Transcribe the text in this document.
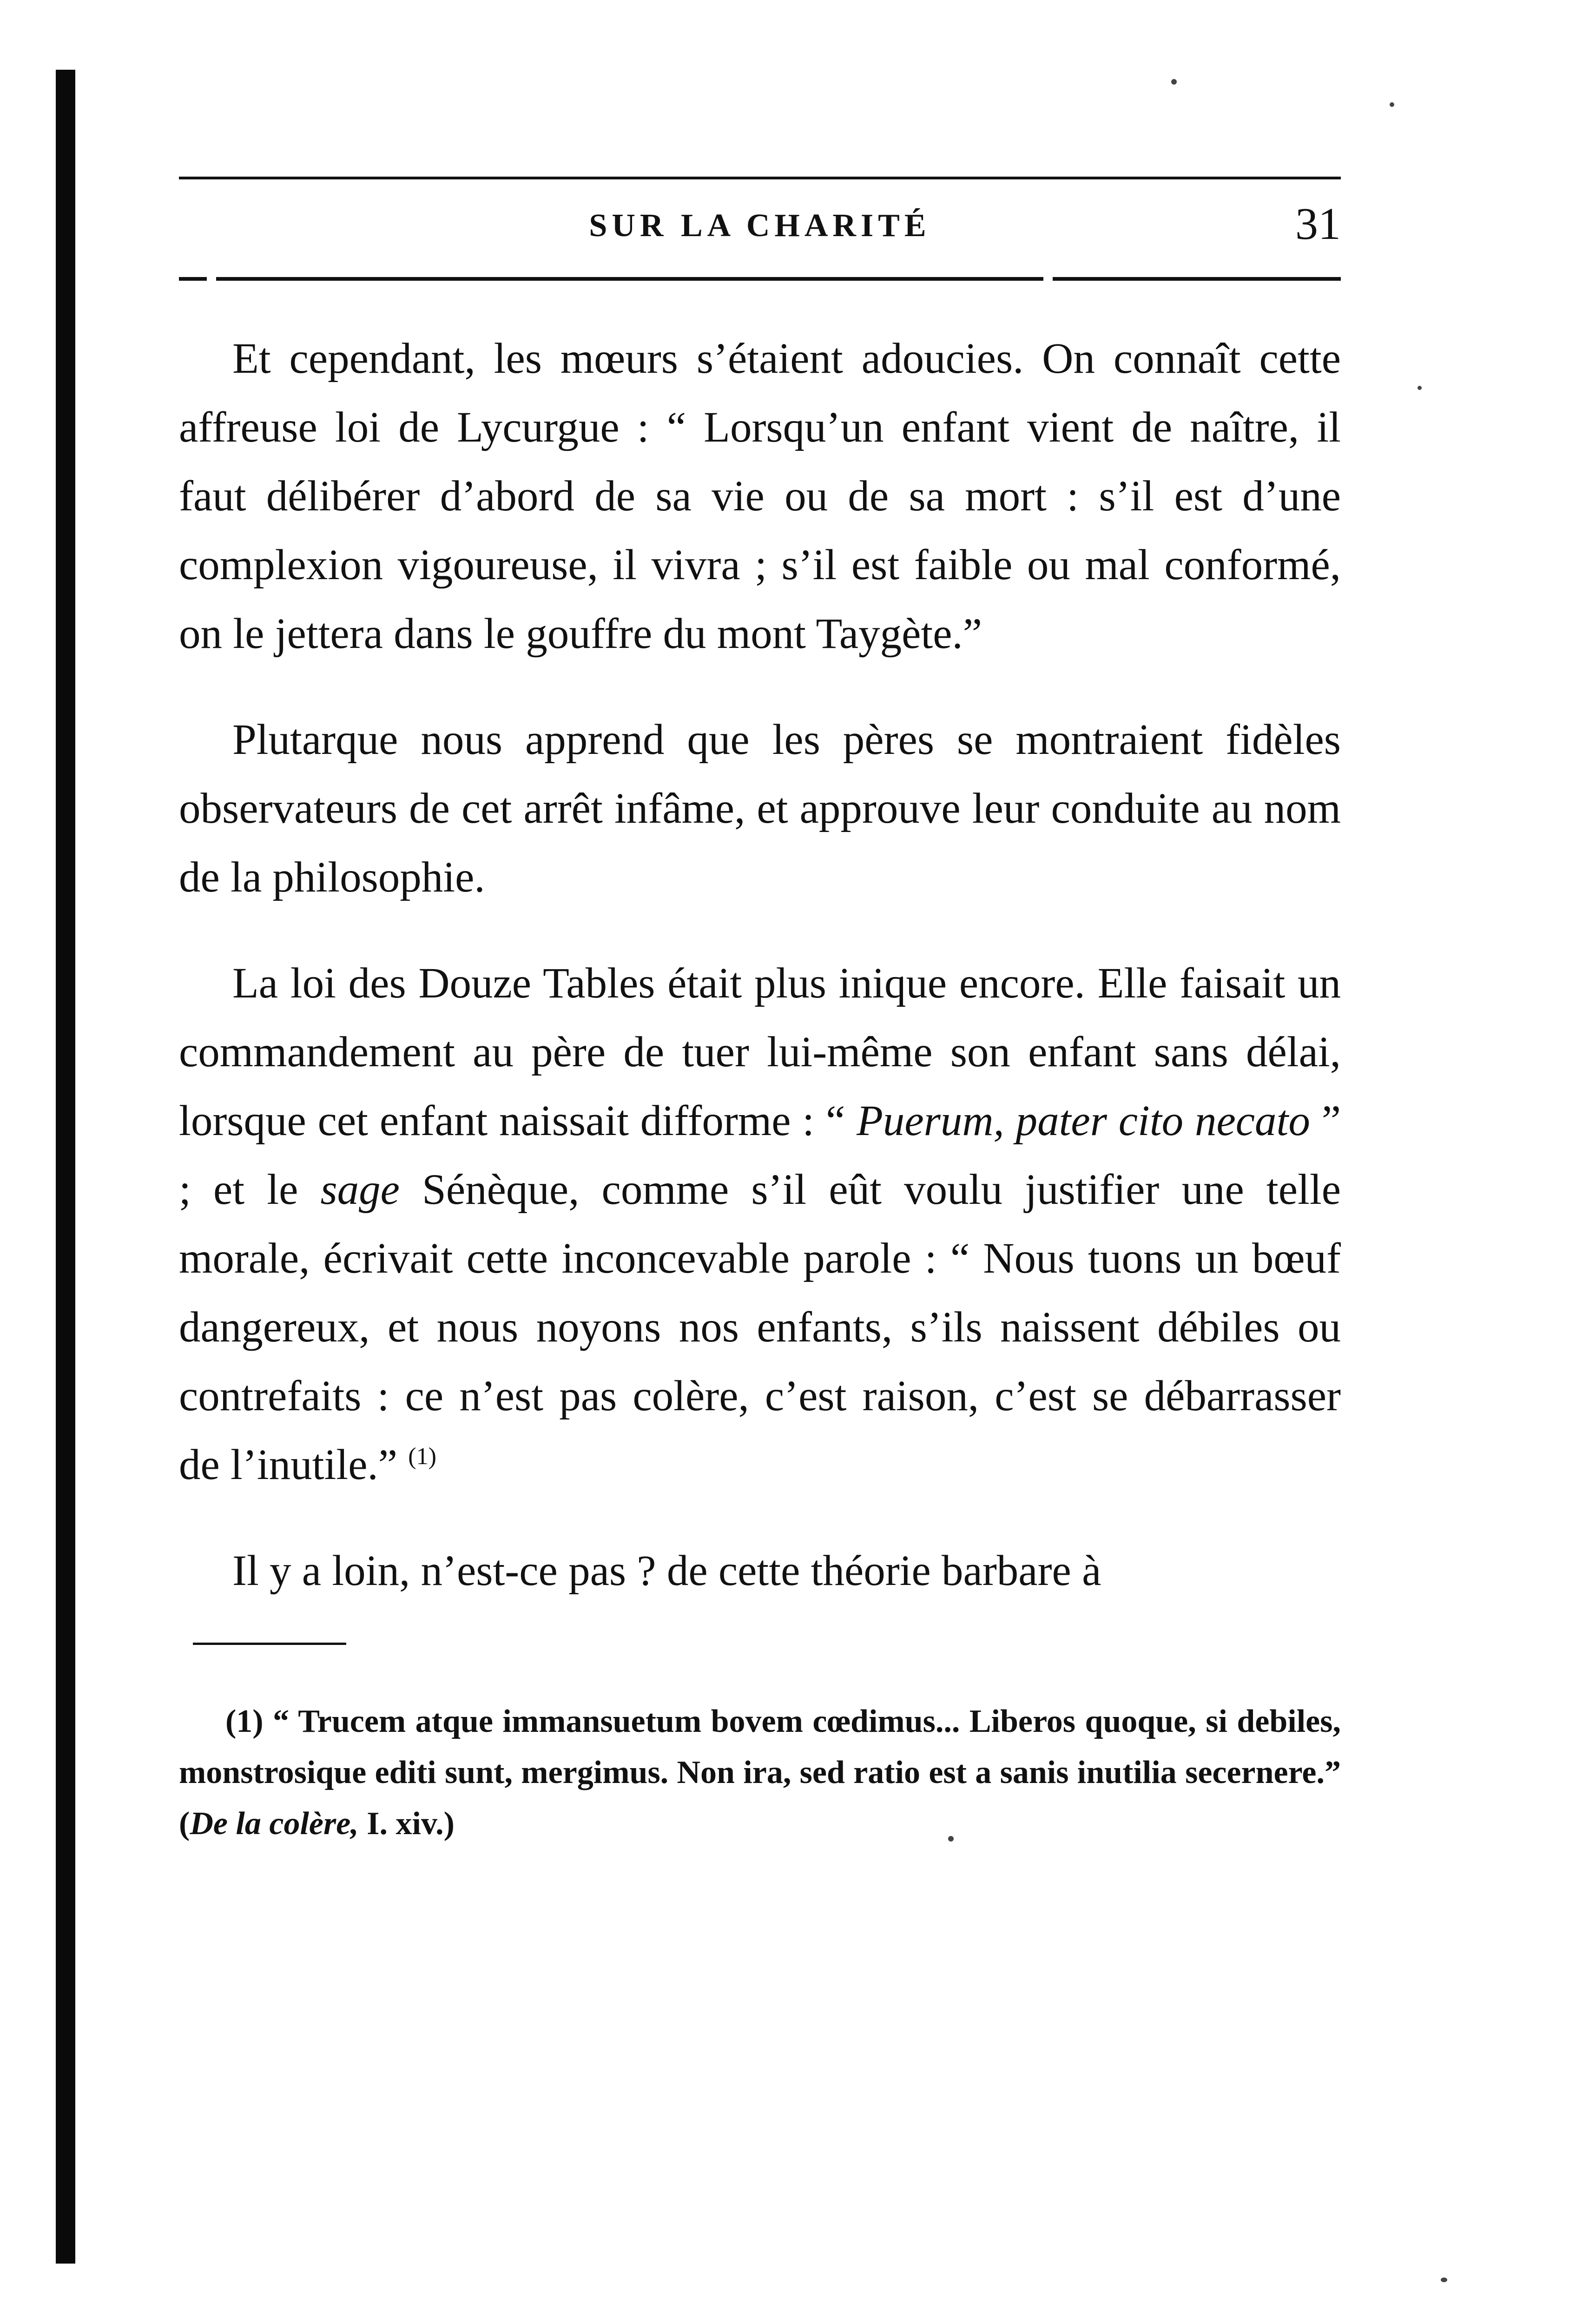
SUR LA CHARITÉ	31

Et cependant, les mœurs s’étaient adoucies. On connaît cette affreuse loi de Lycurgue : “ Lorsqu’un enfant vient de naître, il faut délibérer d’abord de sa vie ou de sa mort : s’il est d’une complexion vigoureuse, il vivra ; s’il est faible ou mal conformé, on le jettera dans le gouffre du mont Taygète.”

Plutarque nous apprend que les pères se montraient fidèles observateurs de cet arrêt infâme, et approuve leur conduite au nom de la philosophie.

La loi des Douze Tables était plus inique encore. Elle faisait un commandement au père de tuer lui-même son enfant sans délai, lorsque cet enfant naissait difforme : “ Puerum, pater cito necato ” ; et le sage Sénèque, comme s’il eût voulu justifier une telle morale, écrivait cette inconcevable parole : “ Nous tuons un bœuf dangereux, et nous noyons nos enfants, s’ils naissent débiles ou contrefaits : ce n’est pas colère, c’est raison, c’est se débarrasser de l’inutile.” $^{(1)}$

Il y a loin, n’est-ce pas ? de cette théorie barbare à

(1) “ Trucem atque immansuetum bovem cœdimus... Liberos quoque, si debiles, monstrosique editi sunt, mergimus. Non ira, sed ratio est a sanis inutilia secernere.” (De la colère, I. xiv.)
